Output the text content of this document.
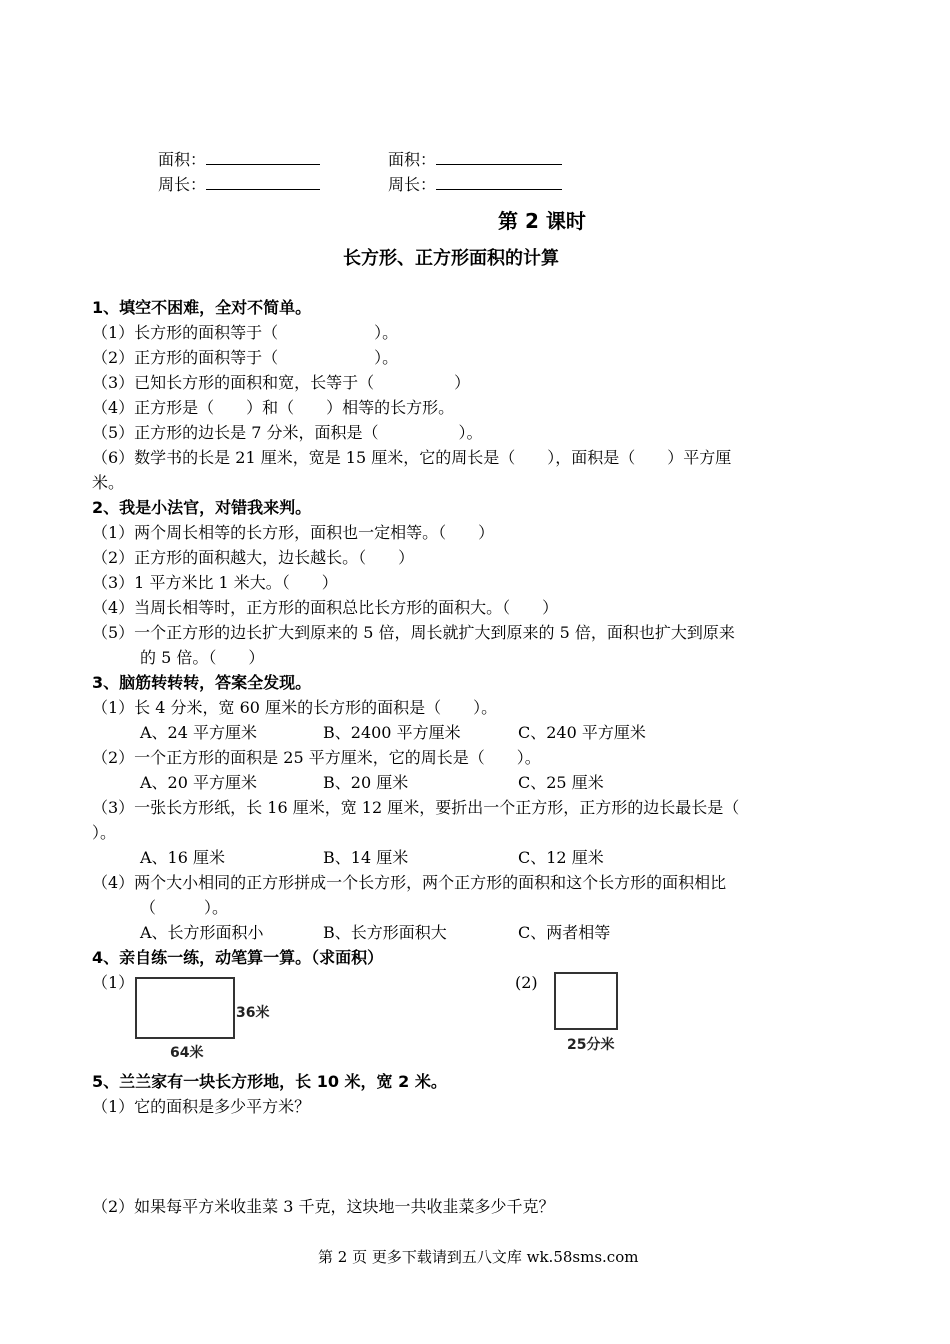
面积：	面积：
周长：	周长：
第 2 课时
长方形、正方形面积的计算
1、填空不困难，全对不简单。
（1）长方形的面积等于（　　　　　　）。
（2）正方形的面积等于（　　　　　　）。
（3）已知长方形的面积和宽，长等于（　　　　　）
（4）正方形是（　　）和（　　）相等的长方形。
（5）正方形的边长是 7 分米，面积是（　　　　　）。
（6）数学书的长是 21 厘米，宽是 15 厘米，它的周长是（　　），面积是（　　）平方厘
米。
2、我是小法官，对错我来判。
（1）两个周长相等的长方形，面积也一定相等。（　　）
（2）正方形的面积越大，边长越长。（　　）
（3）1 平方米比 1 米大。（　　）
（4）当周长相等时，正方形的面积总比长方形的面积大。（　　）
（5）一个正方形的边长扩大到原来的 5 倍，周长就扩大到原来的 5 倍，面积也扩大到原来
的 5 倍。（　　）
3、脑筋转转转，答案全发现。
（1）长 4 分米，宽 60 厘米的长方形的面积是（　　）。
A、24 平方厘米	B、2400 平方厘米	C、240 平方厘米
（2）一个正方形的面积是 25 平方厘米，它的周长是（　　）。
A、20 平方厘米	B、20 厘米	C、25 厘米
（3）一张长方形纸，长 16 厘米，宽 12 厘米，要折出一个正方形，正方形的边长最长是（
）。
A、16 厘米	B、14 厘米	C、12 厘米
（4）两个大小相同的正方形拼成一个长方形，两个正方形的面积和这个长方形的面积相比
（　　　）。
A、长方形面积小	B、长方形面积大	C、两者相等
4、亲自练一练，动笔算一算。（求面积）
（1）
36米
64米
(2)
25分米
5、兰兰家有一块长方形地，长 10 米，宽 2 米。
（1）它的面积是多少平方米？
（2）如果每平方米收韭菜 3 千克，这块地一共收韭菜多少千克？
第 2 页 更多下载请到五八文库 wk.58sms.com
